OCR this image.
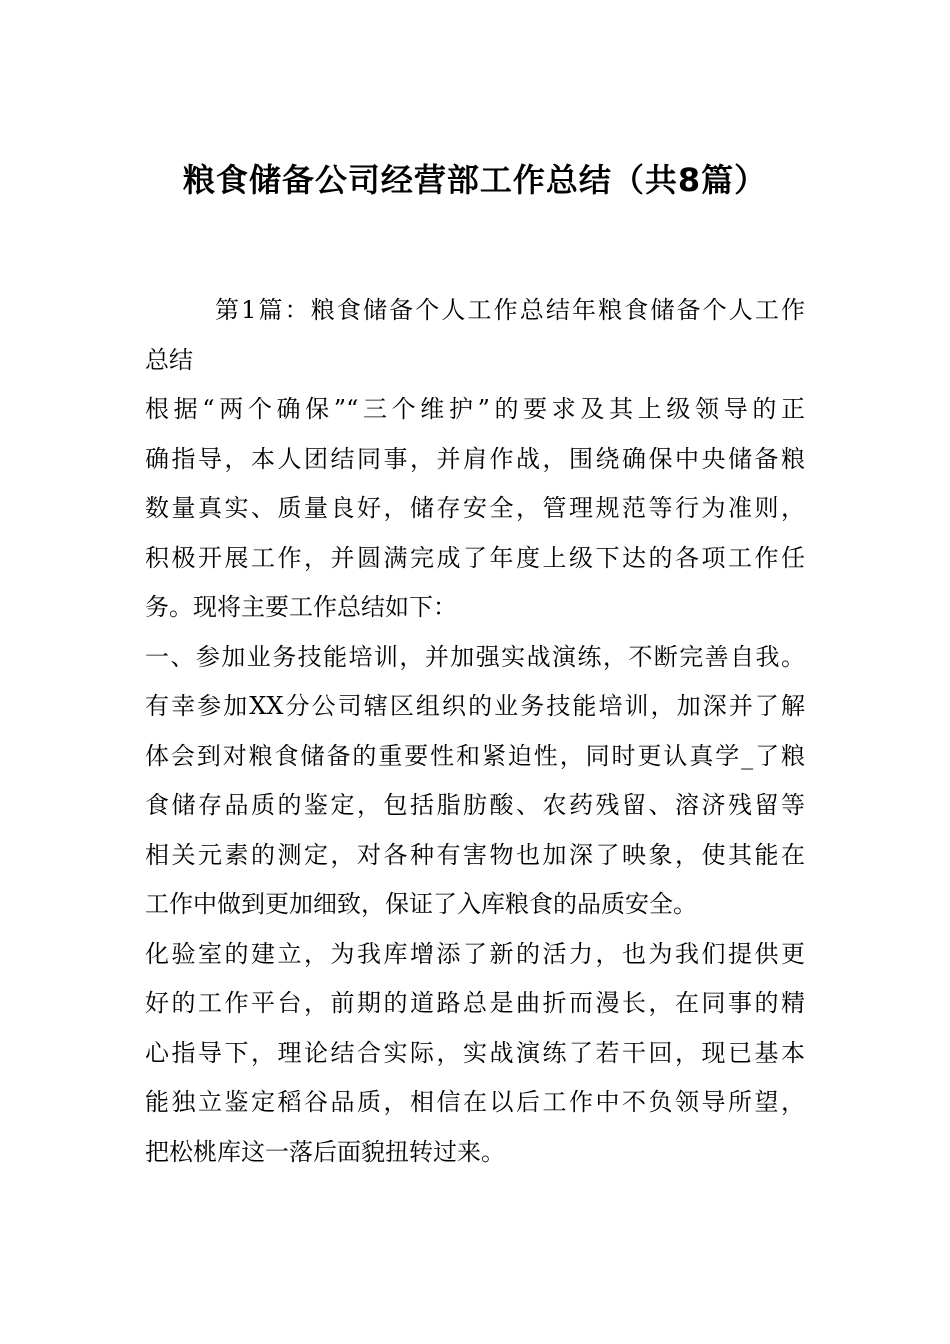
粮食储备公司经营部工作总结（共8篇）
第1篇：粮食储备个人工作总结年粮食储备个人工作
总结
根据“两个确保”“三个维护”的要求及其上级领导的正
确指导，本人团结同事，并肩作战，围绕确保中央储备粮
数量真实、质量良好，储存安全，管理规范等行为准则，
积极开展工作，并圆满完成了年度上级下达的各项工作任
务。现将主要工作总结如下：
一、参加业务技能培训，并加强实战演练，不断完善自我。
有幸参加XX分公司辖区组织的业务技能培训，加深并了解
体会到对粮食储备的重要性和紧迫性，同时更认真学_了粮
食储存品质的鉴定，包括脂肪酸、农药残留、溶济残留等
相关元素的测定，对各种有害物也加深了映象，使其能在
工作中做到更加细致，保证了入库粮食的品质安全。
化验室的建立，为我库增添了新的活力，也为我们提供更
好的工作平台，前期的道路总是曲折而漫长，在同事的精
心指导下，理论结合实际，实战演练了若干回，现已基本
能独立鉴定稻谷品质，相信在以后工作中不负领导所望，
把松桃库这一落后面貌扭转过来。
